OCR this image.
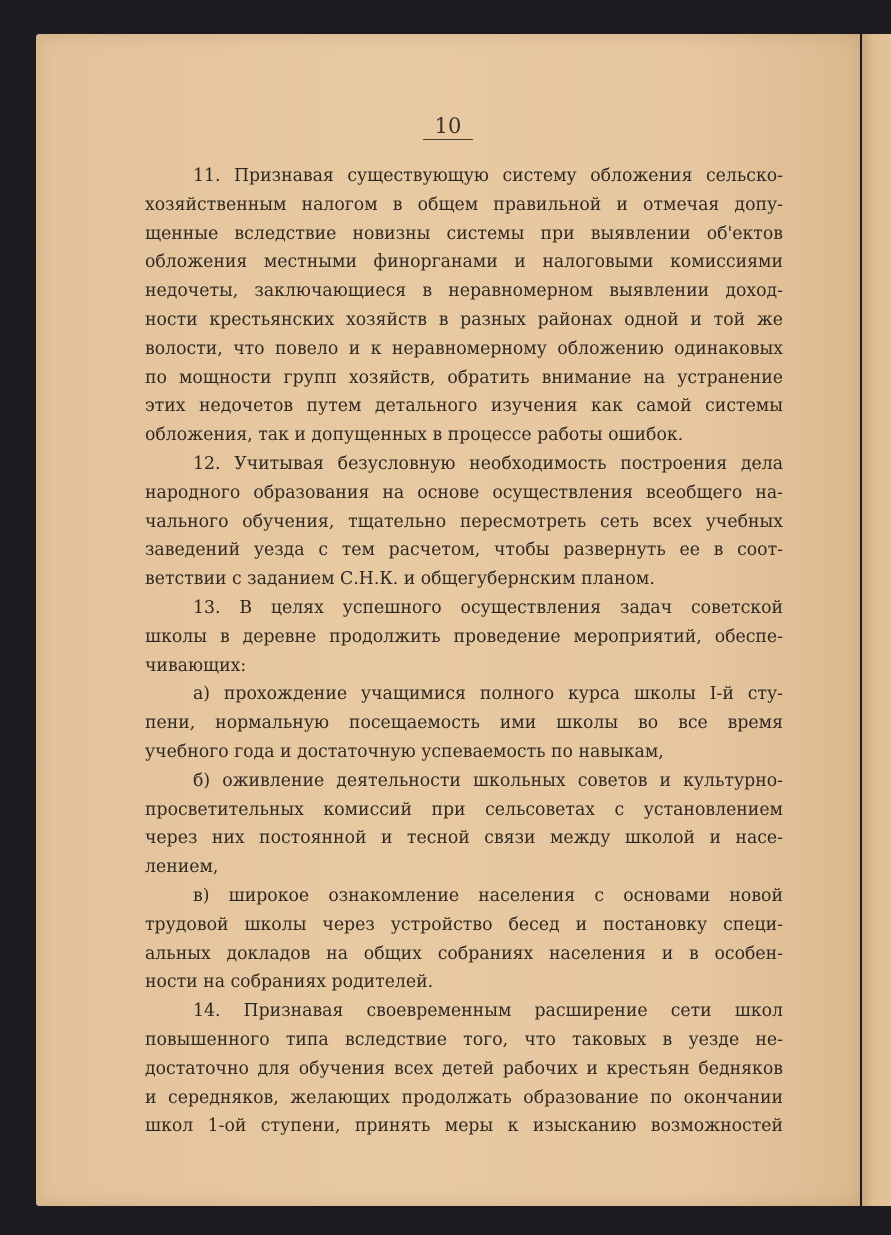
10
11. Признавая существующую систему обложения сельско-
хозяйственным налогом в общем правильной и отмечая допу-
щенные вследствие новизны системы при выявлении об'ектов
обложения местными финорганами и налоговыми комиссиями
недочеты, заключающиеся в неравномерном выявлении доход-
ности крестьянских хозяйств в разных районах одной и той же
волости, что повело и к неравномерному обложению одинаковых
по мощности групп хозяйств, обратить внимание на устранение
этих недочетов путем детального изучения как самой системы
обложения, так и допущенных в процессе работы ошибок.
12. Учитывая безусловную необходимость построения дела
народного образования на основе осуществления всеобщего на-
чального обучения, тщательно пересмотреть сеть всех учебных
заведений уезда с тем расчетом, чтобы развернуть ее в соот-
ветствии с заданием С.Н.К. и общегубернским планом.
13. В целях успешного осуществления задач советской
школы в деревне продолжить проведение мероприятий, обеспе-
чивающих:
а) прохождение учащимися полного курса школы I-й сту-
пени, нормальную посещаемость ими школы во все время
учебного года и достаточную успеваемость по навыкам,
б) оживление деятельности школьных советов и культурно-
просветительных комиссий при сельсоветах с установлением
через них постоянной и тесной связи между школой и насе-
лением,
в) широкое ознакомление населения с основами новой
трудовой школы через устройство бесед и постановку специ-
альных докладов на общих собраниях населения и в особен-
ности на собраниях родителей.
14. Признавая своевременным расширение сети школ
повышенного типа вследствие того, что таковых в уезде не-
достаточно для обучения всех детей рабочих и крестьян бедняков
и середняков, желающих продолжать образование по окончании
школ 1-ой ступени, принять меры к изысканию возможностей
